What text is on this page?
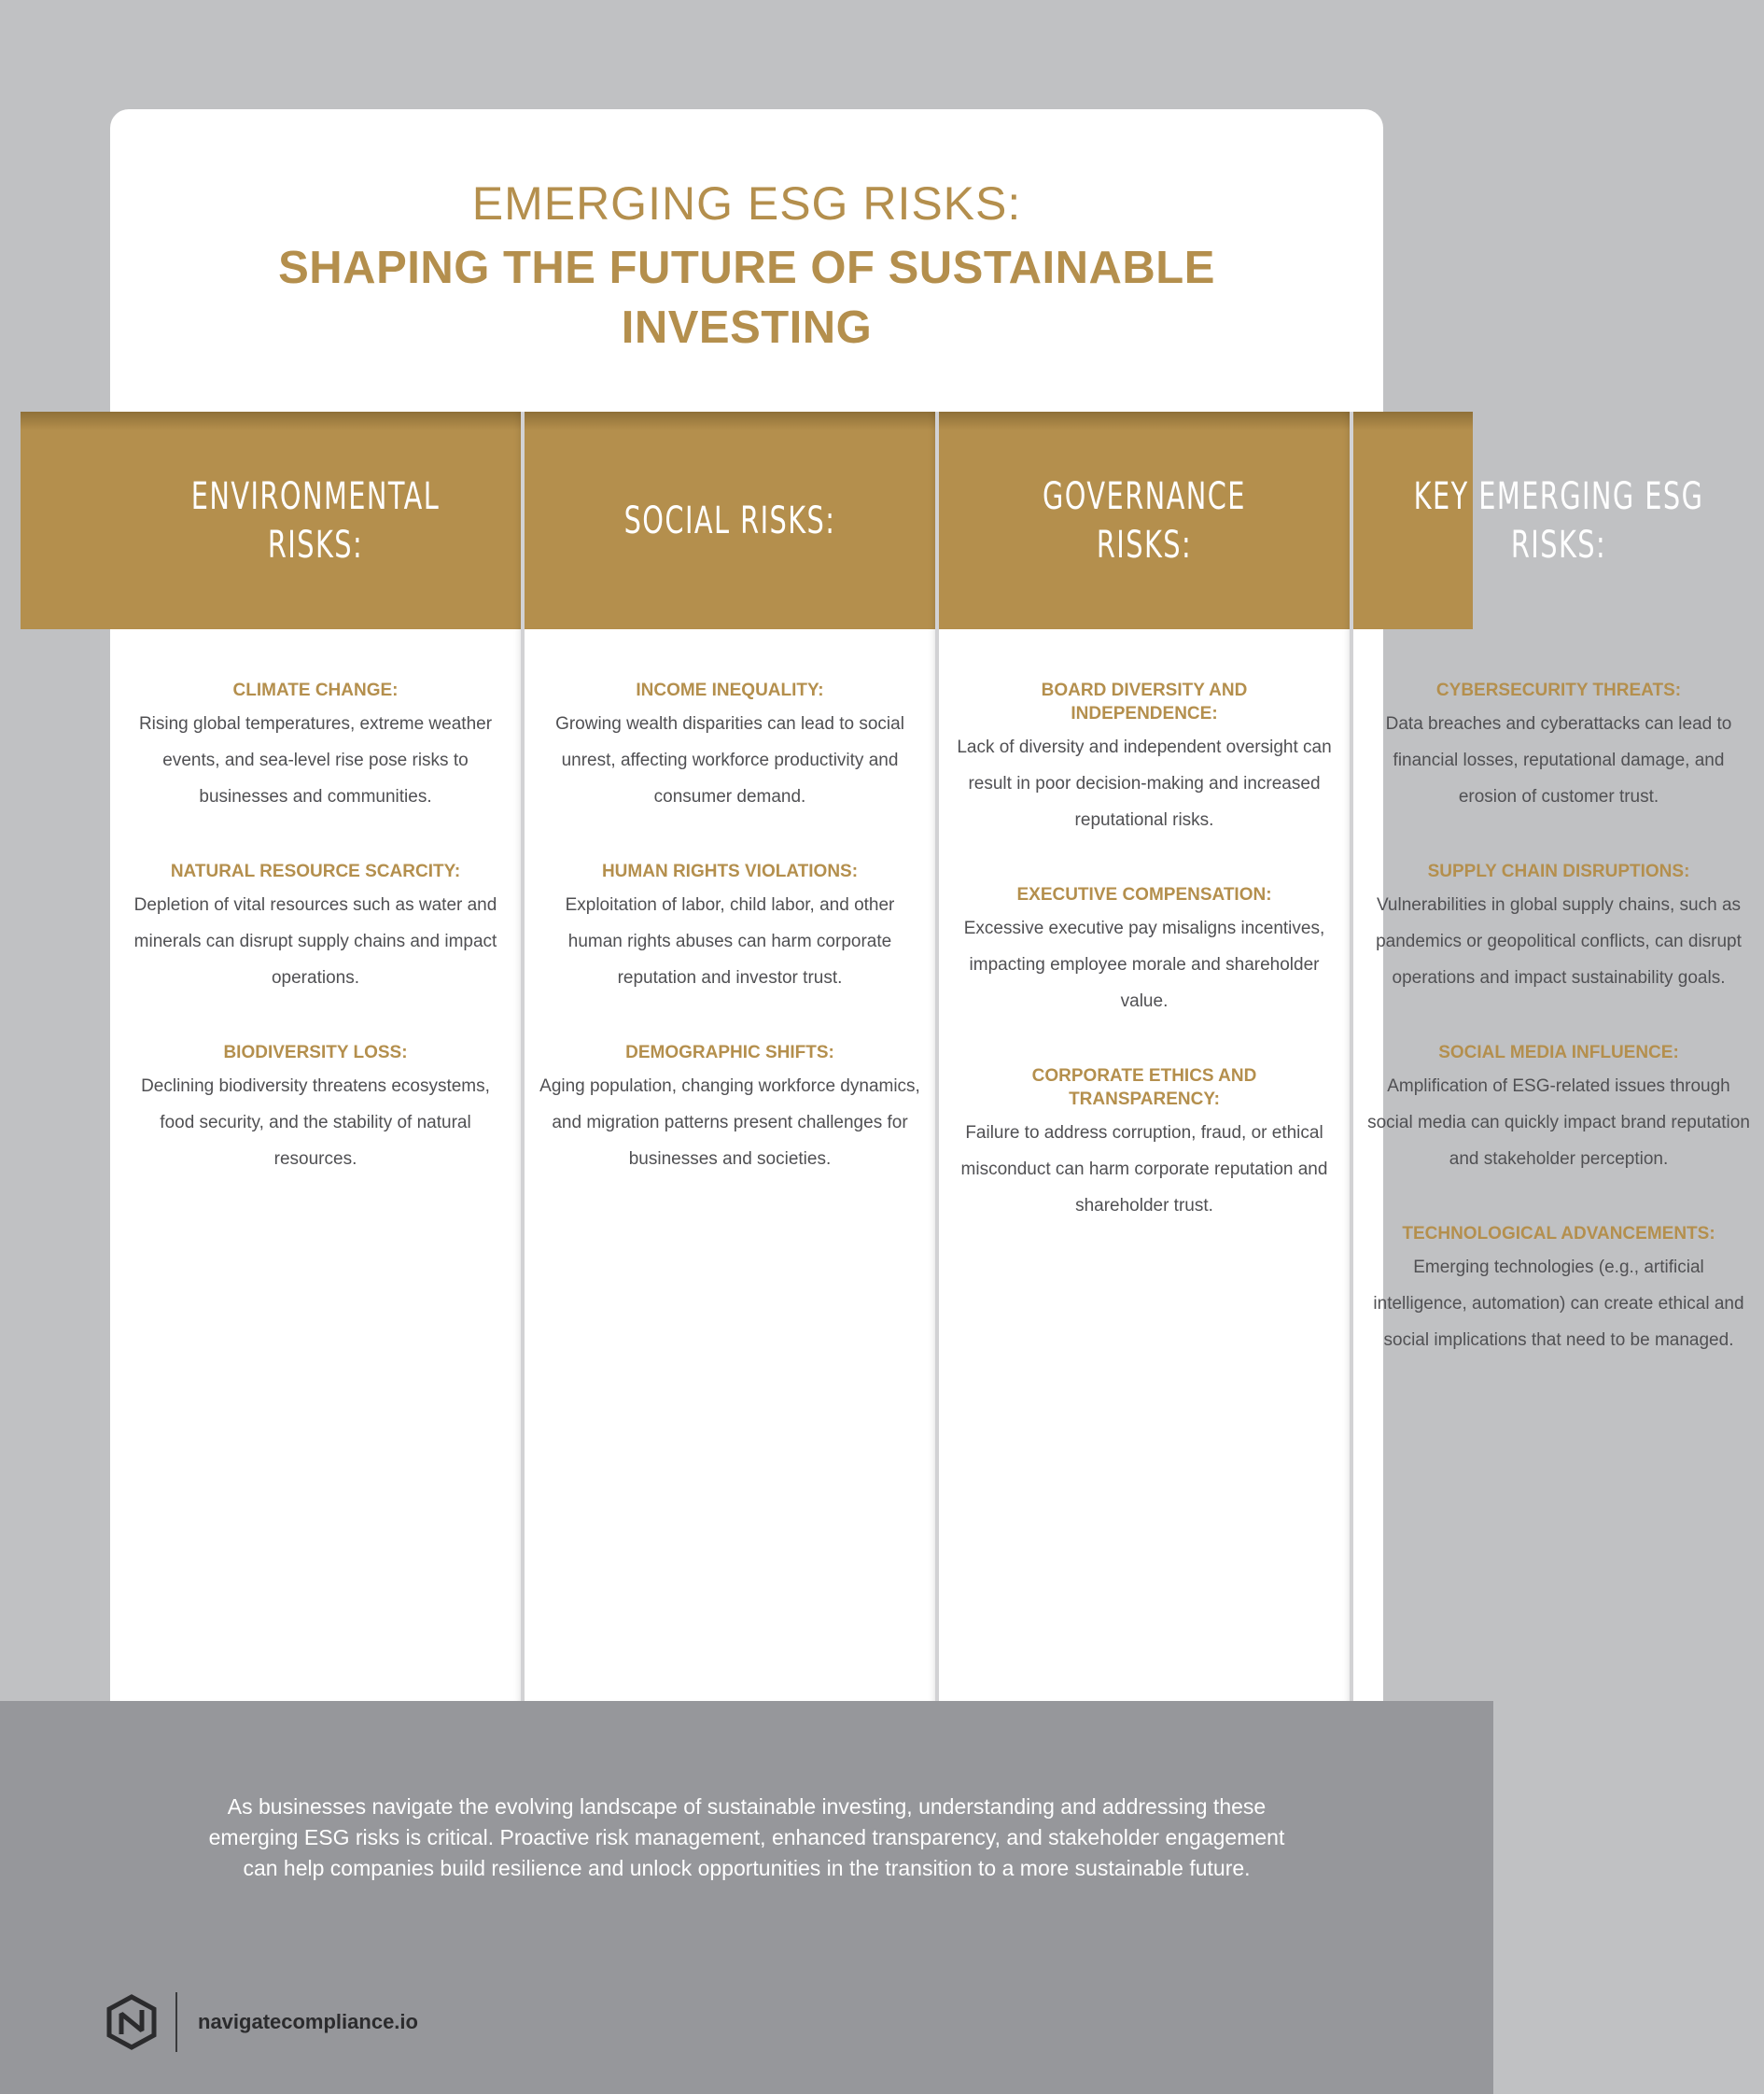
EMERGING ESG RISKS:
SHAPING THE FUTURE OF SUSTAINABLE INVESTING
As businesses navigate the evolving landscape of sustainable investing, understanding and addressing these emerging ESG risks is critical. Proactive risk management, enhanced transparency, and stakeholder engagement can help companies build resilience and unlock opportunities in the transition to a more sustainable future.
ENVIRONMENTAL RISKS:
CLIMATE CHANGE:
Rising global temperatures, extreme weather events, and sea-level rise pose risks to businesses and communities.
NATURAL RESOURCE SCARCITY:
Depletion of vital resources such as water and minerals can disrupt supply chains and impact operations.
BIODIVERSITY LOSS:
Declining biodiversity threatens ecosystems, food security, and the stability of natural resources.
SOCIAL RISKS:
INCOME INEQUALITY:
Growing wealth disparities can lead to social unrest, affecting workforce productivity and consumer demand.
HUMAN RIGHTS VIOLATIONS:
Exploitation of labor, child labor, and other human rights abuses can harm corporate reputation and investor trust.
DEMOGRAPHIC SHIFTS:
Aging population, changing workforce dynamics, and migration patterns present challenges for businesses and societies.
GOVERNANCE RISKS:
BOARD DIVERSITY AND INDEPENDENCE:
Lack of diversity and independent oversight can result in poor decision-making and increased reputational risks.
EXECUTIVE COMPENSATION:
Excessive executive pay misaligns incentives, impacting employee morale and shareholder value.
CORPORATE ETHICS AND TRANSPARENCY:
Failure to address corruption, fraud, or ethical misconduct can harm corporate reputation and shareholder trust.
KEY EMERGING ESG RISKS:
CYBERSECURITY THREATS:
Data breaches and cyberattacks can lead to financial losses, reputational damage, and erosion of customer trust.
SUPPLY CHAIN DISRUPTIONS:
Vulnerabilities in global supply chains, such as pandemics or geopolitical conflicts, can disrupt operations and impact sustainability goals.
SOCIAL MEDIA INFLUENCE:
Amplification of ESG-related issues through social media can quickly impact brand reputation and stakeholder perception.
TECHNOLOGICAL ADVANCEMENTS:
Emerging technologies (e.g., artificial intelligence, automation) can create ethical and social implications that need to be managed.
navigatecompliance.io
